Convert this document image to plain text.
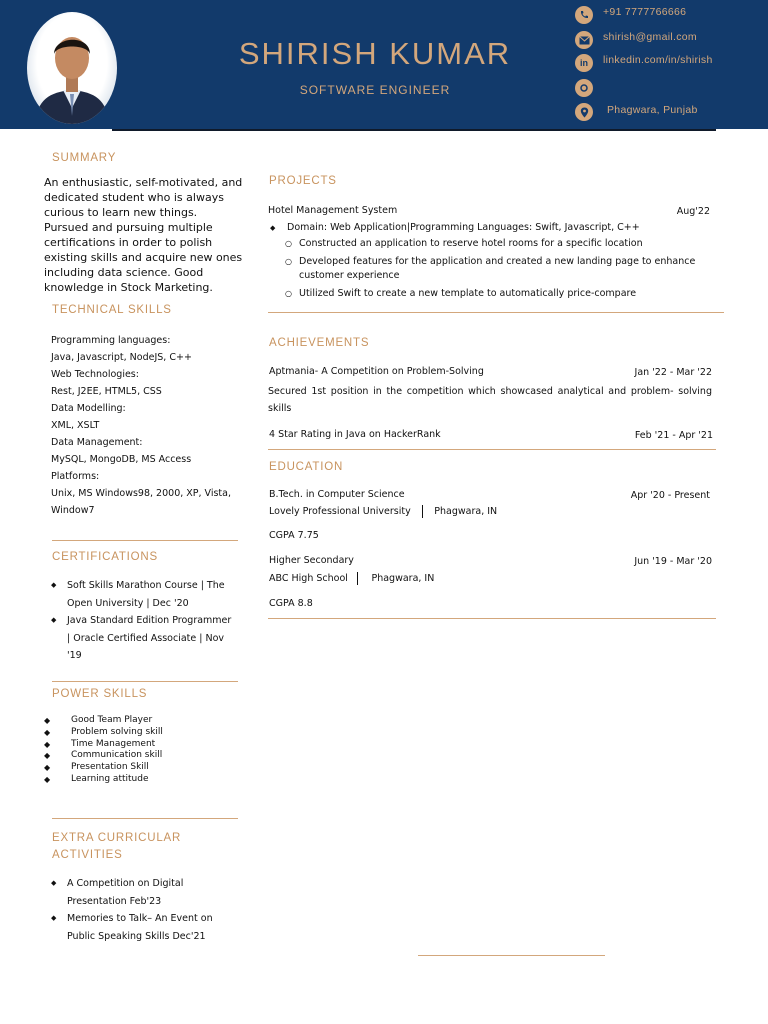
SHIRISH KUMAR
SOFTWARE ENGINEER
+91 7777766666
shirish@gmail.com
in linkedin.com/in/shirish
Phagwara, Punjab
SUMMARY
An enthusiastic, self-motivated, and dedicated student who is always curious to learn new things. Pursued and pursuing multiple certifications in order to polish existing skills and acquire new ones including data science. Good knowledge in Stock Marketing.
TECHNICAL SKILLS
Programming languages:
Java, Javascript, NodeJS, C++
Web Technologies:
Rest, J2EE, HTML5, CSS
Data Modelling:
XML, XSLT
Data Management:
MySQL, MongoDB, MS Access
Platforms:
Unix, MS Windows98, 2000, XP, Vista, Window7
CERTIFICATIONS
◆	Soft Skills Marathon Course | The Open University | Dec '20
◆	Java Standard Edition Programmer | Oracle Certified Associate | Nov '19
POWER SKILLS
◆	Good Team Player
◆	Problem solving skill
◆	Time Management
◆	Communication skill
◆	Presentation Skill
◆	Learning attitude
EXTRA CURRICULAR
ACTIVITIES
◆	A Competition on Digital Presentation Feb'23
◆	Memories to Talk– An Event on Public Speaking Skills Dec'21
PROJECTS
Hotel Management System	Aug'22
◆ Domain: Web Application|Programming Languages: Swift, Javascript, C++
○ Constructed an application to reserve hotel rooms for a specific location
○ Developed features for the application and created a new landing page to enhance customer experience
○ Utilized Swift to create a new template to automatically price-compare
ACHIEVEMENTS
Aptmania- A Competition on Problem-Solving	Jan '22 - Mar '22
Secured 1st position in the competition which showcased analytical and problem- solving skills
4 Star Rating in Java on HackerRank	Feb '21 - Apr '21
EDUCATION
B.Tech. in Computer Science	Apr '20 - Present
Lovely Professional University Phagwara, IN
CGPA 7.75
Higher Secondary	Jun '19 - Mar '20
ABC High School Phagwara, IN
CGPA 8.8
